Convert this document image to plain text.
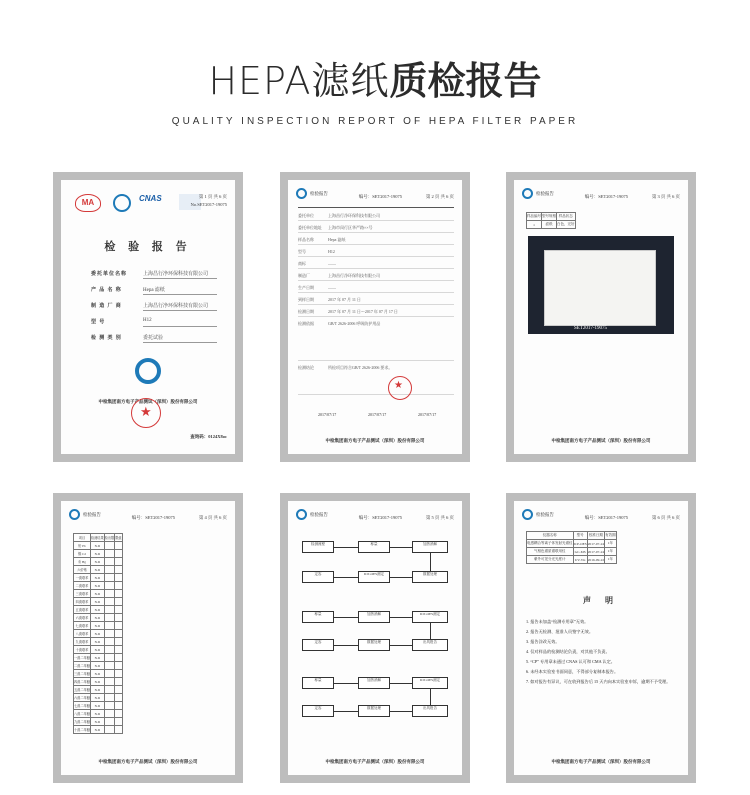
HEPA滤纸质检报告
QUALITY INSPECTION REPORT OF HEPA FILTER PAPER
MA	CNAS	第 1 页 共 6 页
No.SET2017-19075
检 验 报 告
委托单位名称	上海昌行净环保科技有限公司
产 品 名 称	Hepa 滤纸
制 造 厂 商	上海昌行净环保科技有限公司
型 号	H12
检 测 类 别	委托试验
中检集团南方电子产品测试（深圳）股份有限公司
★
查询码：0124X8oc
检验报告
编号：SET2017-19075	第 2 页 共 6 页
委托单位	上海昌行净环保科技有限公司
委托单位地址	上海市闵行区华严路××号
样品名称	Hepa 滤纸
型号	H12
商标	——
制造厂	上海昌行净环保科技有限公司
生产日期	——
到样日期	2017 年 07 月 11 日
检测日期	2017 年 07 月 11 日～2017 年 07 月 17 日
检测依据	GB/T 2626-2006 呼吸防护用品
检测结论	所检项目符合GB/T 2626-2006 要求。
★
2017/07/17	2017/07/17	2017/07/17
中检集团南方电子产品测试（深圳）股份有限公司
检验报告
编号：SET2017-19075	第 3 页 共 6 页
样品编号	型号规格	样品状态
1	滤纸	白色，完好
SET2017-19075
中检集团南方电子产品测试（深圳）股份有限公司
检验报告
编号：SET2017-19075	第 4 页 共 6 页
项目	检测结果	检出限	限值
铅 Pb	N.D		
镉 Cd	N.D		
汞 Hg	N.D		
六价铬	N.D		
一溴联苯	N.D		
二溴联苯	N.D		
三溴联苯	N.D		
四溴联苯	N.D		
五溴联苯	N.D		
六溴联苯	N.D		
七溴联苯	N.D		
八溴联苯	N.D		
九溴联苯	N.D		
十溴联苯	N.D		
一溴二苯醚	N.D		
二溴二苯醚	N.D		
三溴二苯醚	N.D		
四溴二苯醚	N.D		
五溴二苯醚	N.D		
六溴二苯醚	N.D		
七溴二苯醚	N.D		
八溴二苯醚	N.D		
九溴二苯醚	N.D		
十溴二苯醚	N.D		
中检集团南方电子产品测试（深圳）股份有限公司
检验报告
编号：SET2017-19075	第 5 页 共 6 页
检测流程	称量	加热消解
定容	ICP-OES测定	数据处理
称量	加热消解	ICP-OES测定
定容	数据处理	出具报告
称量	加热消解	ICP-OES测定
定容	数据处理	出具报告
中检集团南方电子产品测试（深圳）股份有限公司
检验报告
编号：SET2017-19075	第 6 页 共 6 页
仪器名称	型号	校准日期	有效期
电感耦合等离子体发射光谱仪	ICP-OES	2017-07-24	1年
气相色谱质谱联用仪	GC-MS	2017-07-24	1年
紫外可见分光光度计	UV-Vis	2016-09-22	1年
声 明
1. 报告未加盖“检测专用章”无效。
2. 报告无检测、批准人员签字无效。
3. 报告涂改无效。
4. 仅对样品的检测结论负责，对其他不负责。
5. “CP” 专用章未通过 CNAS 认可和 CMA 认定。
6. 未经本实验室书面同意，不得部分复制本报告。
7. 如对报告有异议，可在收到报告后 15 天内向本实验室申诉，逾期不予受理。
中检集团南方电子产品测试（深圳）股份有限公司
